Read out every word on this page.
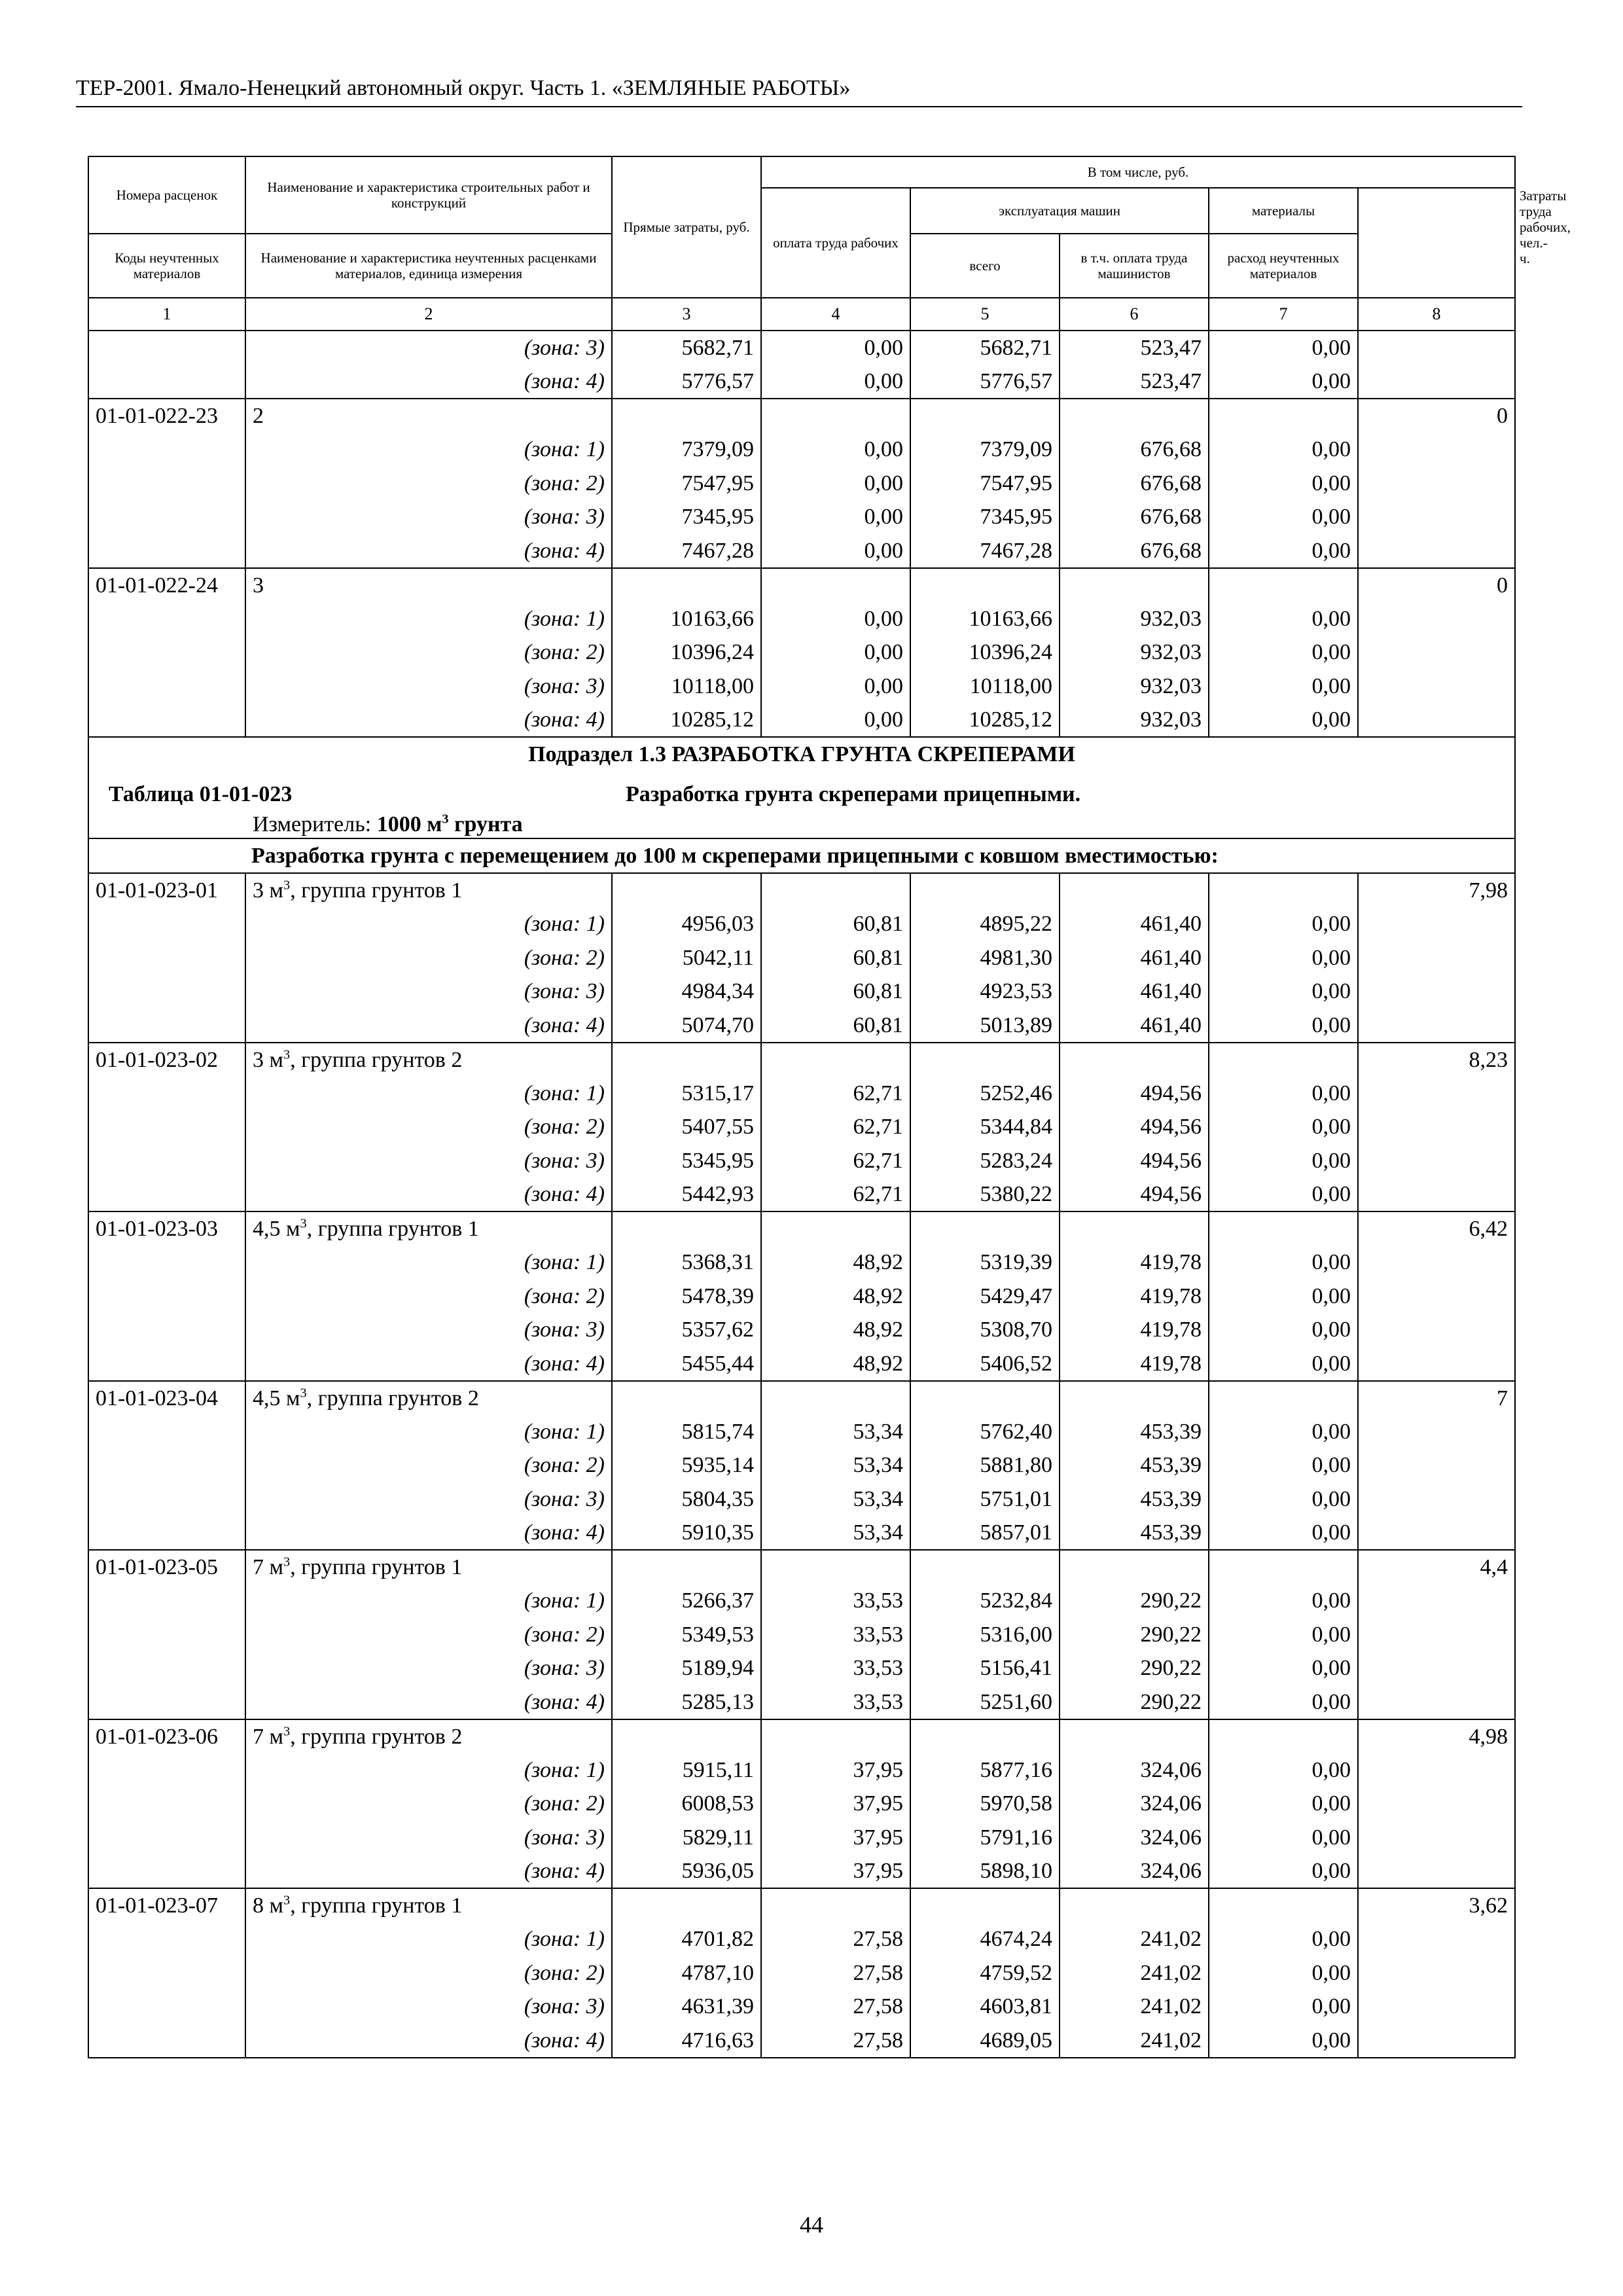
ТЕР-2001. Ямало-Ненецкий автономный округ. Часть 1. «ЗЕМЛЯНЫЕ РАБОТЫ»
Номера расценок	Наименование и характеристика строительных работ и конструкций	Прямые затраты, руб.	В том числе, руб.					Затраты труда рабочих, чел.-ч.
			оплата труда рабочих	эксплуатация машин		материалы		
Коды неучтенных материалов	Наименование и характеристика неучтенных расценками материалов, единица измерения			всего	в т.ч. оплата труда машинистов	расход неучтенных материалов		
1	2	3	4	5	6	7	8	
	(зона: 3)	5682,71	0,00	5682,71	523,47	0,00		
	(зона: 4)	5776,57	0,00	5776,57	523,47	0,00		
01-01-022-23	2						0	
	(зона: 1)	7379,09	0,00	7379,09	676,68	0,00		
	(зона: 2)	7547,95	0,00	7547,95	676,68	0,00		
	(зона: 3)	7345,95	0,00	7345,95	676,68	0,00		
	(зона: 4)	7467,28	0,00	7467,28	676,68	0,00		
01-01-022-24	3						0	
	(зона: 1)	10163,66	0,00	10163,66	932,03	0,00		
	(зона: 2)	10396,24	0,00	10396,24	932,03	0,00		
	(зона: 3)	10118,00	0,00	10118,00	932,03	0,00		
	(зона: 4)	10285,12	0,00	10285,12	932,03	0,00		
Подраздел 1.3 РАЗРАБОТКА ГРУНТА СКРЕПЕРАМИ								

Таблица 01-01-023 Разработка грунта скреперами прицепными.								

Измеритель: 1000 $м^3$ грунта								

Разработка грунта с перемещением до 100 м скреперами прицепными с ковшом вместимостью:								
01-01-023-01	3 $м^3$, группа грунтов 1						7,98	
	(зона: 1)	4956,03	60,81	4895,22	461,40	0,00		
	(зона: 2)	5042,11	60,81	4981,30	461,40	0,00		
	(зона: 3)	4984,34	60,81	4923,53	461,40	0,00		
	(зона: 4)	5074,70	60,81	5013,89	461,40	0,00		
01-01-023-02	3 $м^3$, группа грунтов 2						8,23	
	(зона: 1)	5315,17	62,71	5252,46	494,56	0,00		
	(зона: 2)	5407,55	62,71	5344,84	494,56	0,00		
	(зона: 3)	5345,95	62,71	5283,24	494,56	0,00		
	(зона: 4)	5442,93	62,71	5380,22	494,56	0,00		
01-01-023-03	4,5 $м^3$, группа грунтов 1						6,42	
	(зона: 1)	5368,31	48,92	5319,39	419,78	0,00		
	(зона: 2)	5478,39	48,92	5429,47	419,78	0,00		
	(зона: 3)	5357,62	48,92	5308,70	419,78	0,00		
	(зона: 4)	5455,44	48,92	5406,52	419,78	0,00		
01-01-023-04	4,5 $м^3$, группа грунтов 2						7	
	(зона: 1)	5815,74	53,34	5762,40	453,39	0,00		
	(зона: 2)	5935,14	53,34	5881,80	453,39	0,00		
	(зона: 3)	5804,35	53,34	5751,01	453,39	0,00		
	(зона: 4)	5910,35	53,34	5857,01	453,39	0,00		
01-01-023-05	7 $м^3$, группа грунтов 1						4,4	
	(зона: 1)	5266,37	33,53	5232,84	290,22	0,00		
	(зона: 2)	5349,53	33,53	5316,00	290,22	0,00		
	(зона: 3)	5189,94	33,53	5156,41	290,22	0,00		
	(зона: 4)	5285,13	33,53	5251,60	290,22	0,00		
01-01-023-06	7 $м^3$, группа грунтов 2						4,98	
	(зона: 1)	5915,11	37,95	5877,16	324,06	0,00		
	(зона: 2)	6008,53	37,95	5970,58	324,06	0,00		
	(зона: 3)	5829,11	37,95	5791,16	324,06	0,00		
	(зона: 4)	5936,05	37,95	5898,10	324,06	0,00		
01-01-023-07	8 $м^3$, группа грунтов 1						3,62	
	(зона: 1)	4701,82	27,58	4674,24	241,02	0,00		
	(зона: 2)	4787,10	27,58	4759,52	241,02	0,00		
	(зона: 3)	4631,39	27,58	4603,81	241,02	0,00		
	(зона: 4)	4716,63	27,58	4689,05	241,02	0,00		
44
